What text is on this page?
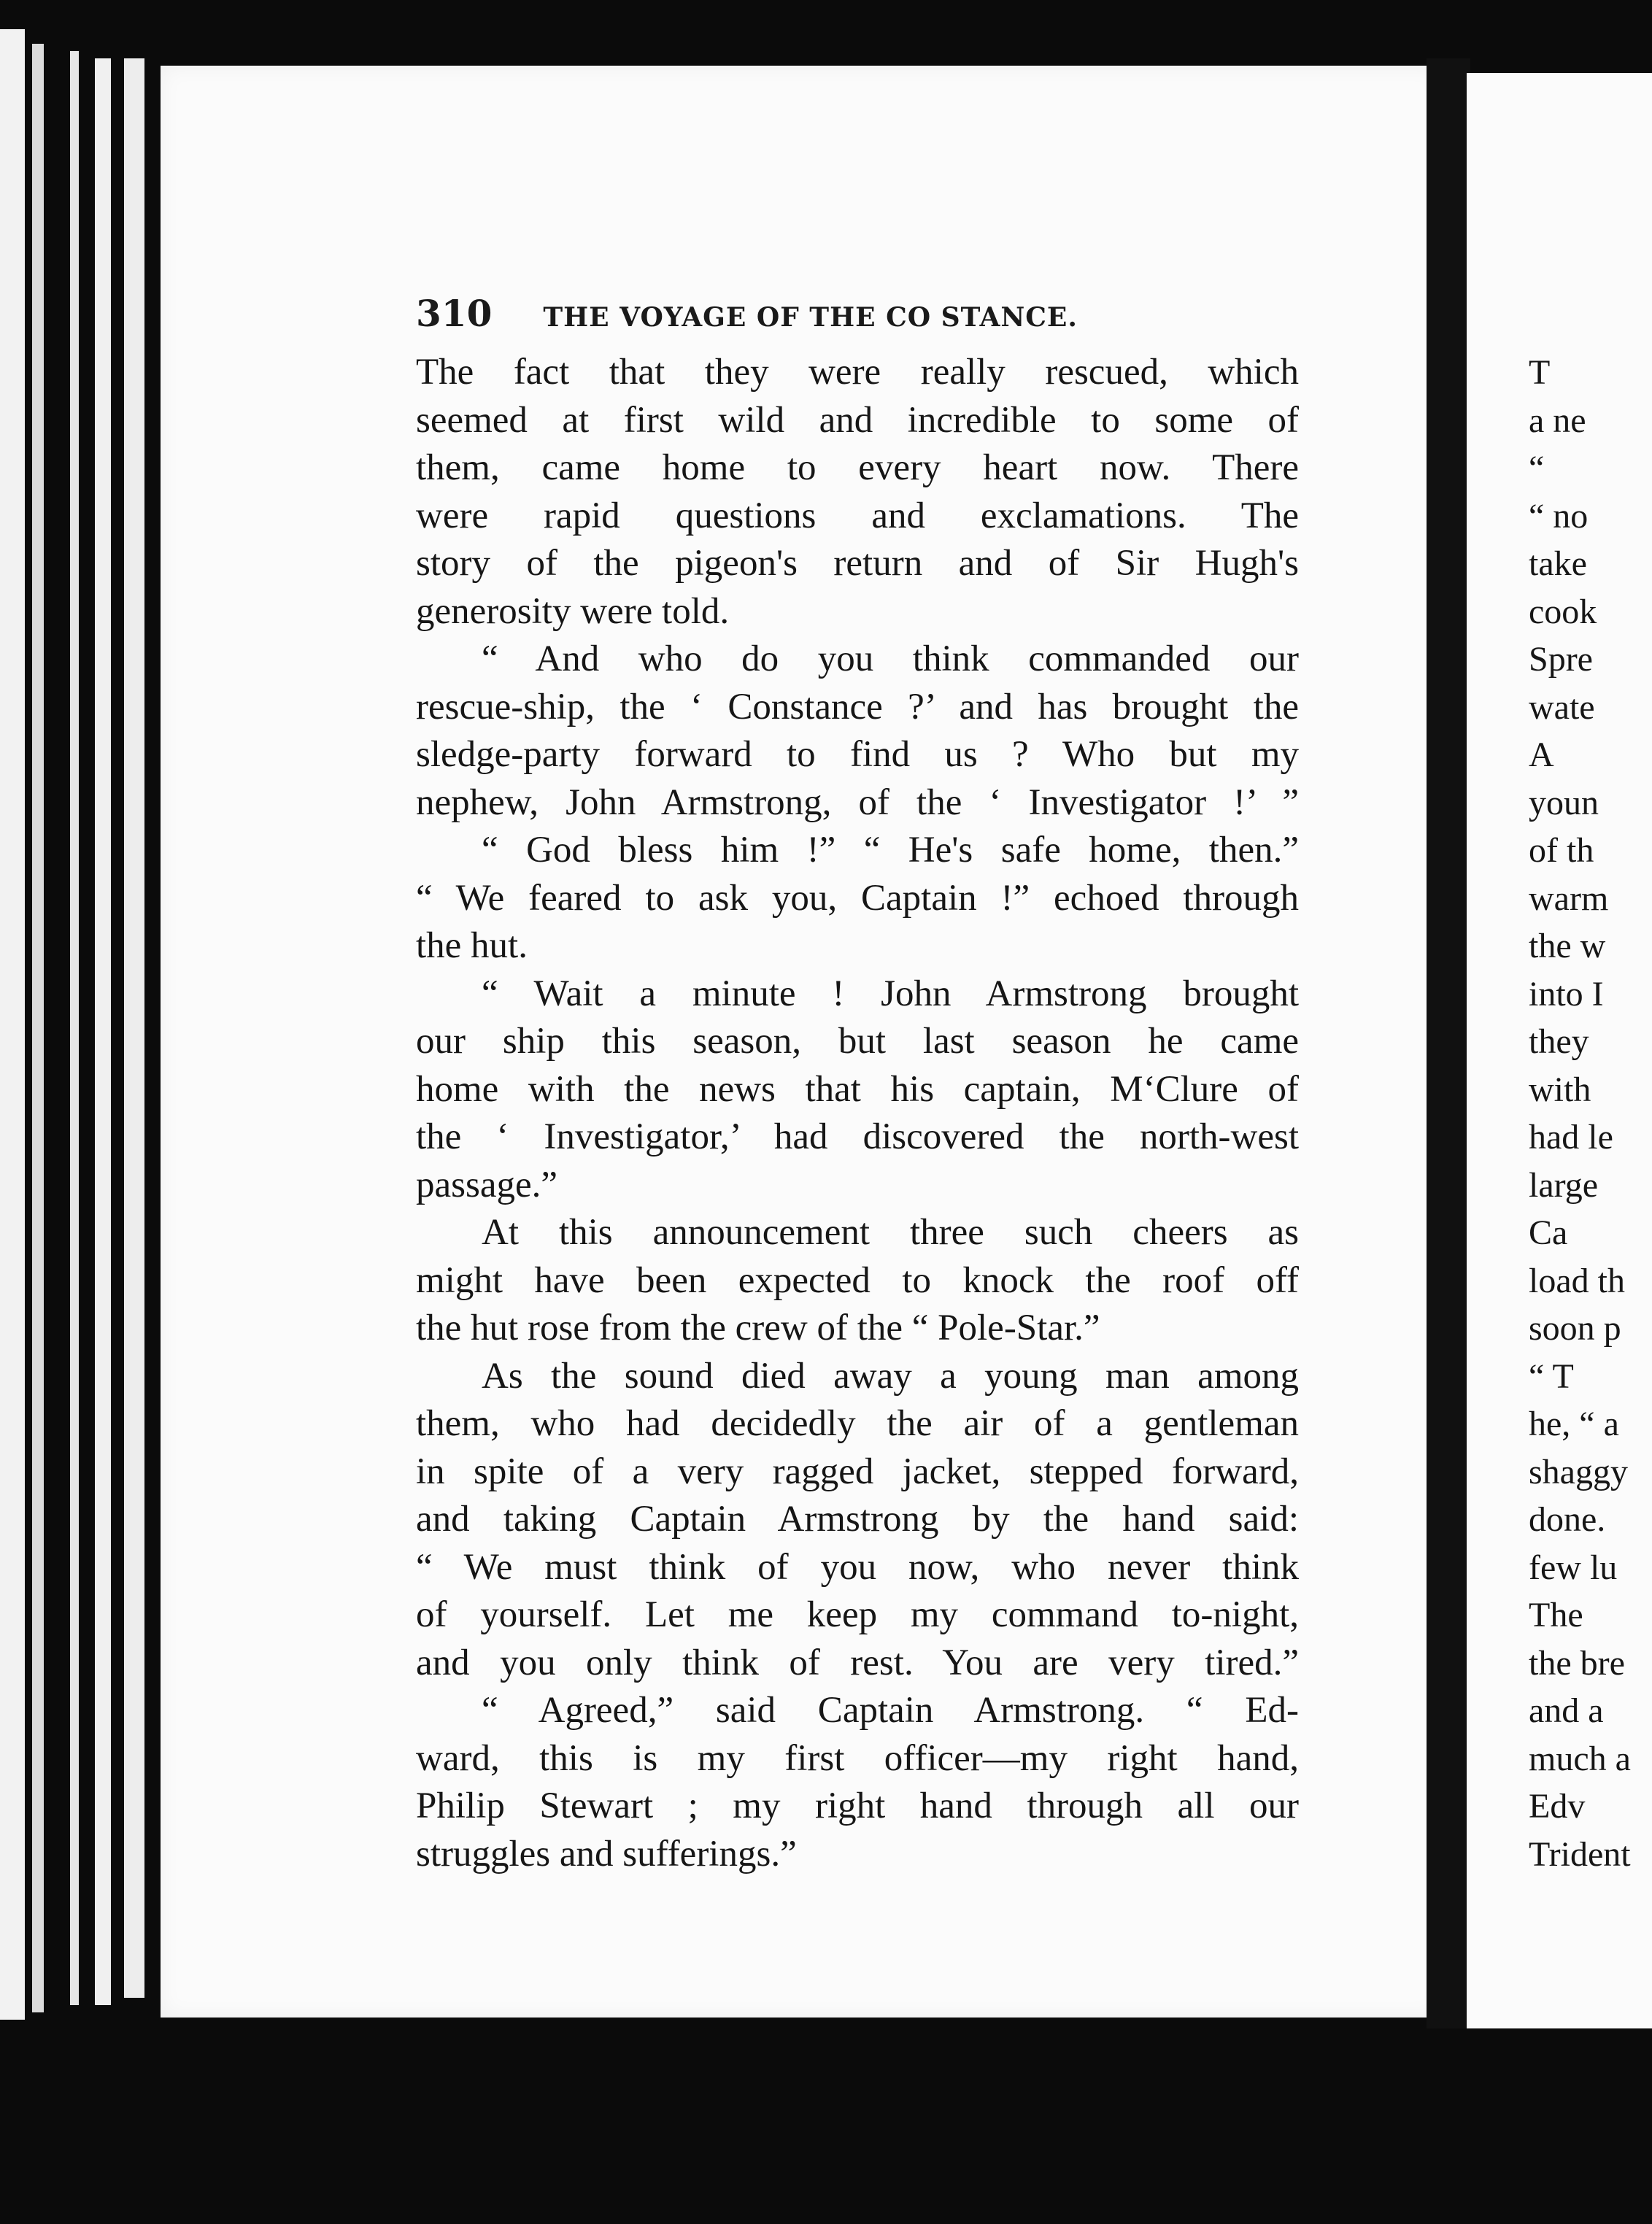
310 THE VOYAGE OF THE CO STANCE.
The fact that they were really rescued, which
seemed at first wild and incredible to some of
them, came home to every heart now. There
were rapid questions and exclamations. The
story of the pigeon's return and of Sir Hugh's
generosity were told.
“ And who do you think commanded our
rescue-ship, the ‘ Constance ?’ and has brought the
sledge-party forward to find us ? Who but my
nephew, John Armstrong, of the ‘ Investigator !’ ”
“ God bless him !” “ He's safe home, then.”
“ We feared to ask you, Captain !” echoed through
the hut.
“ Wait a minute ! John Armstrong brought
our ship this season, but last season he came
home with the news that his captain, M‘Clure of
the ‘ Investigator,’ had discovered the north-west
passage.”
At this announcement three such cheers as
might have been expected to knock the roof off
the hut rose from the crew of the “ Pole-Star.”
As the sound died away a young man among
them, who had decidedly the air of a gentleman
in spite of a very ragged jacket, stepped forward,
and taking Captain Armstrong by the hand said:
“ We must think of you now, who never think
of yourself. Let me keep my command to-night,
and you only think of rest. You are very tired.”
“ Agreed,” said Captain Armstrong. “ Ed-
ward, this is my first officer—my right hand,
Philip Stewart ; my right hand through all our
struggles and sufferings.”
T
a ne
“
“ no
take
cook
Spre
wate
A
youn
of th
warm
the w
into I
they
with
had le
large
Ca
load th
soon p
“ T
he, “ a
shaggy
done.
few lu
The
the bre
and a
much a
Edv
Trident
